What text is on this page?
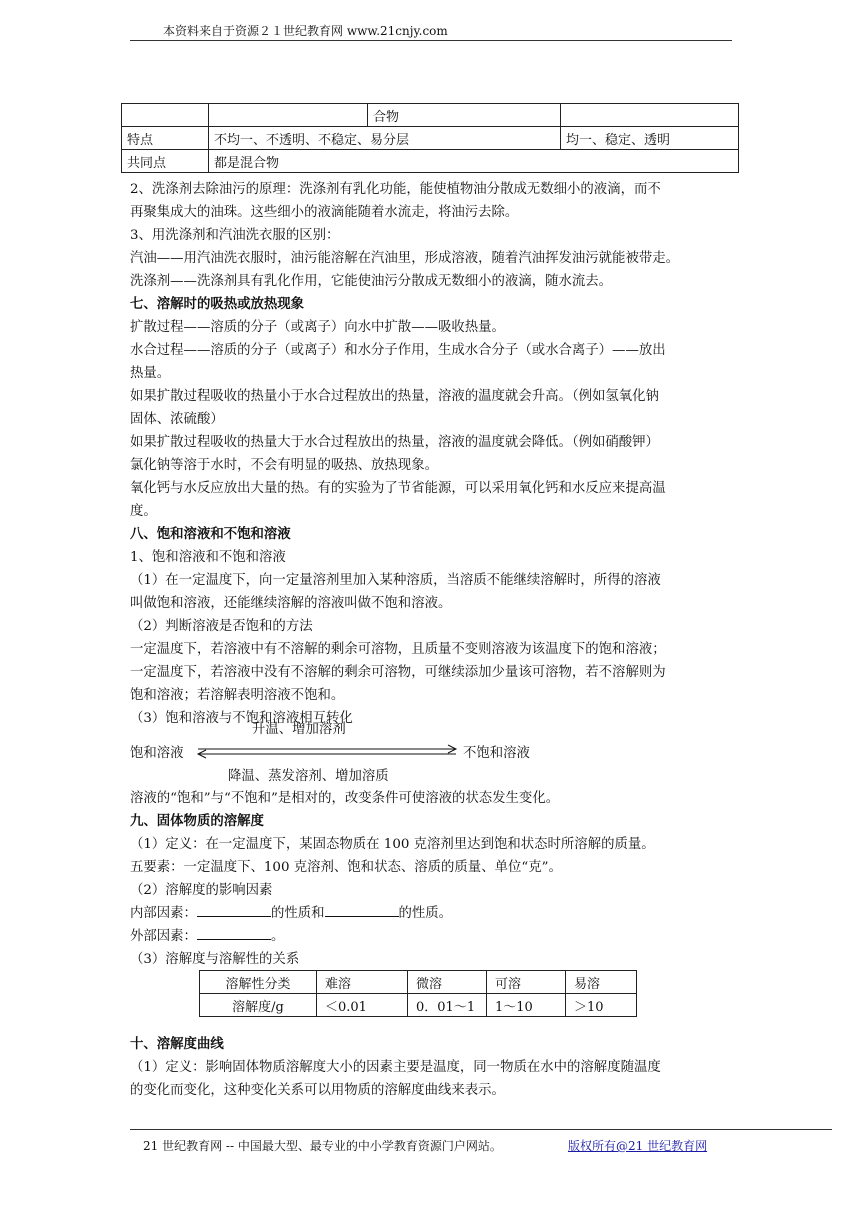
本资料来自于资源２１世纪教育网 www.21cnjy.com
		合物	
特点	不均一、不透明、不稳定、易分层		均一、稳定、透明
共同点	都是混合物		
2、洗涤剂去除油污的原理：洗涤剂有乳化功能，能使植物油分散成无数细小的液滴，而不
再聚集成大的油珠。这些细小的液滴能随着水流走，将油污去除。
3、用洗涤剂和汽油洗衣服的区别：
汽油——用汽油洗衣服时，油污能溶解在汽油里，形成溶液，随着汽油挥发油污就能被带走。
洗涤剂——洗涤剂具有乳化作用，它能使油污分散成无数细小的液滴，随水流去。
七、溶解时的吸热或放热现象
扩散过程——溶质的分子（或离子）向水中扩散——吸收热量。
水合过程——溶质的分子（或离子）和水分子作用，生成水合分子（或水合离子）——放出
热量。
如果扩散过程吸收的热量小于水合过程放出的热量，溶液的温度就会升高。（例如氢氧化钠
固体、浓硫酸）
如果扩散过程吸收的热量大于水合过程放出的热量，溶液的温度就会降低。（例如硝酸钾）
氯化钠等溶于水时，不会有明显的吸热、放热现象。
氧化钙与水反应放出大量的热。有的实验为了节省能源，可以采用氧化钙和水反应来提高温
度。
八、饱和溶液和不饱和溶液
1、饱和溶液和不饱和溶液
（1）在一定温度下，向一定量溶剂里加入某种溶质，当溶质不能继续溶解时，所得的溶液
叫做饱和溶液，还能继续溶解的溶液叫做不饱和溶液。
（2）判断溶液是否饱和的方法
一定温度下，若溶液中有不溶解的剩余可溶物，且质量不变则溶液为该温度下的饱和溶液；
一定温度下，若溶液中没有不溶解的剩余可溶物，可继续添加少量该可溶物，若不溶解则为
饱和溶液；若溶解表明溶液不饱和。
（3）饱和溶液与不饱和溶液相互转化
升温、增加溶剂
饱和溶液	不饱和溶液
降温、蒸发溶剂、增加溶质
溶液的“饱和”与“不饱和”是相对的，改变条件可使溶液的状态发生变化。
九、固体物质的溶解度
（1）定义：在一定温度下，某固态物质在 100 克溶剂里达到饱和状态时所溶解的质量。
五要素：一定温度下、100 克溶剂、饱和状态、溶质的质量、单位“克”。
（2）溶解度的影响因素
内部因素：	的性质和	的性质。
外部因素：	。
（3）溶解度与溶解性的关系
溶解性分类	难溶	微溶	可溶	易溶
溶解度/g	＜0.01	0．01～1	1～10	＞10
十、溶解度曲线
（1）定义：影响固体物质溶解度大小的因素主要是温度，同一物质在水中的溶解度随温度
的变化而变化，这种变化关系可以用物质的溶解度曲线来表示。
21 世纪教育网 -- 中国最大型、最专业的中小学教育资源门户网站。	版权所有@21 世纪教育网
